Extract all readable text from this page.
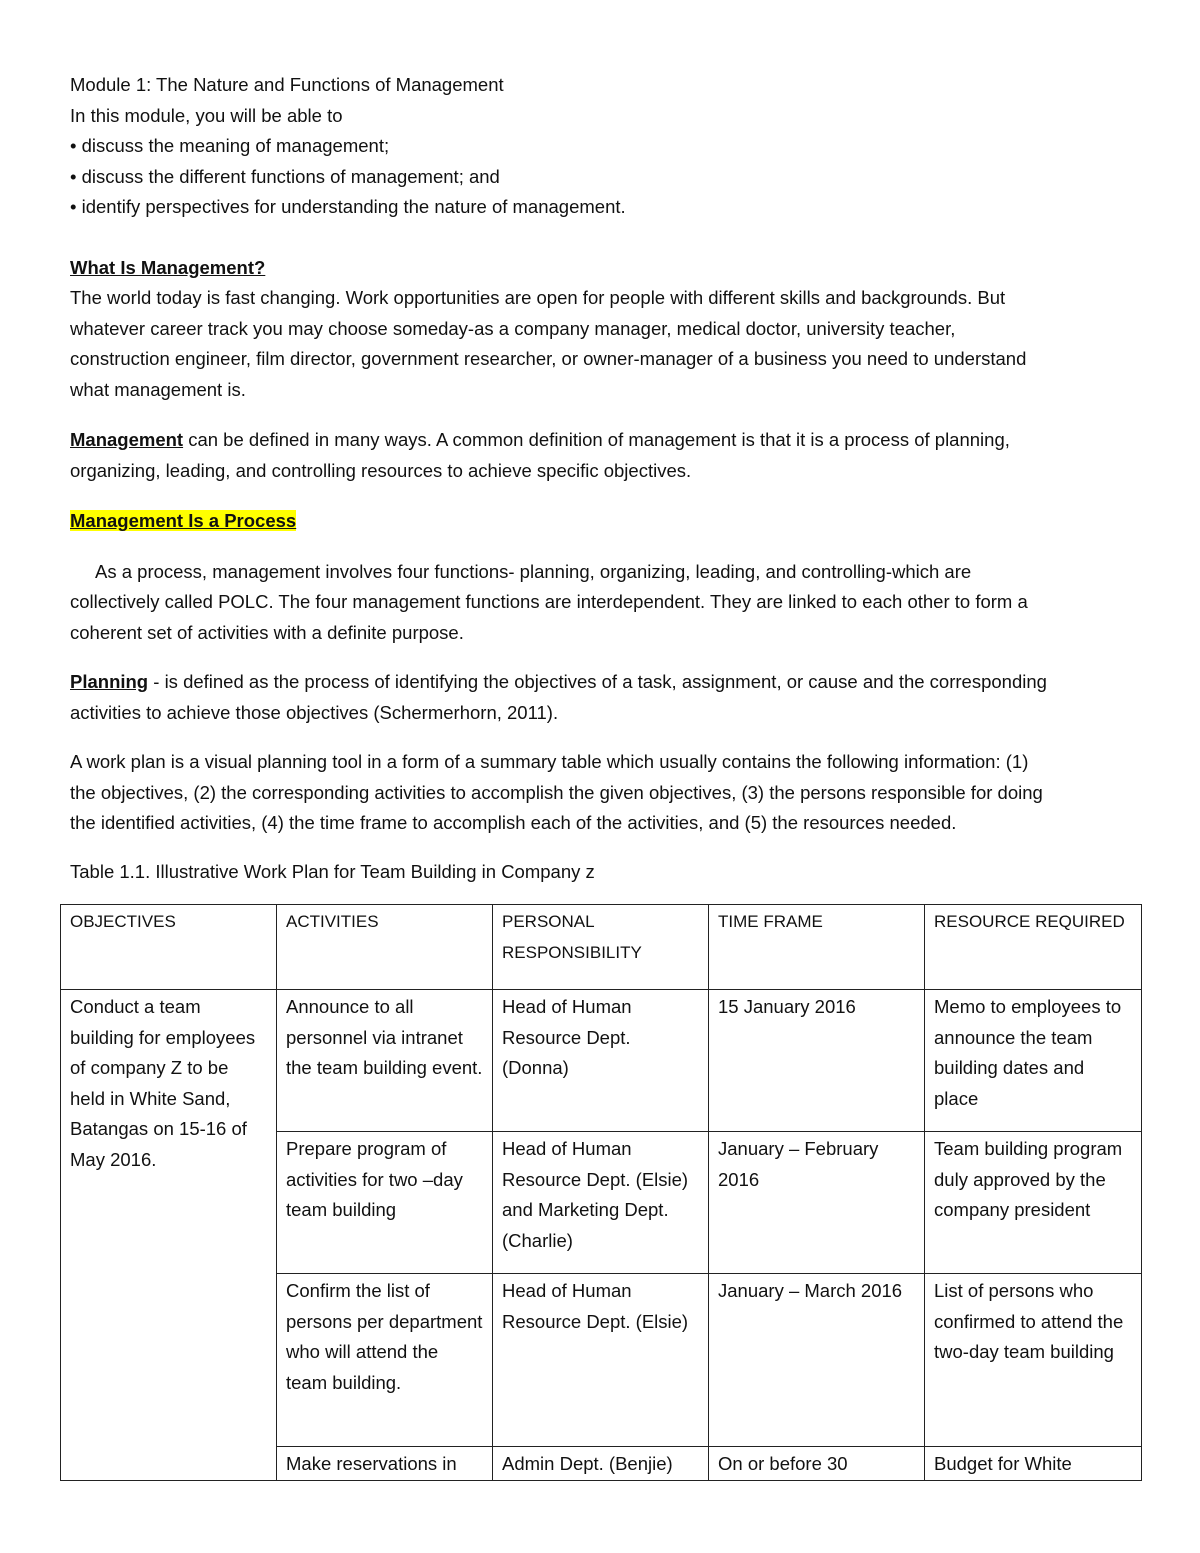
Module 1: The Nature and Functions of Management
In this module, you will be able to
• discuss the meaning of management;
• discuss the different functions of management; and
• identify perspectives for understanding the nature of management.
What Is Management?
The world today is fast changing. Work opportunities are open for people with different skills and backgrounds. But
whatever career track you may choose someday-as a company manager, medical doctor, university teacher,
construction engineer, film director, government researcher, or owner-manager of a business you need to understand
what management is.
Management can be defined in many ways. A common definition of management is that it is a process of planning,
organizing, leading, and controlling resources to achieve specific objectives.
Management Is a Process
As a process, management involves four functions- planning, organizing, leading, and controlling-which are
collectively called POLC. The four management functions are interdependent. They are linked to each other to form a
coherent set of activities with a definite purpose.
Planning - is defined as the process of identifying the objectives of a task, assignment, or cause and the corresponding
activities to achieve those objectives (Schermerhorn, 2011).
A work plan is a visual planning tool in a form of a summary table which usually contains the following information: (1)
the objectives, (2) the corresponding activities to accomplish the given objectives, (3) the persons responsible for doing
the identified activities, (4) the time frame to accomplish each of the activities, and (5) the resources needed.
Table 1.1. Illustrative Work Plan for Team Building in Company z
OBJECTIVES	ACTIVITIES	PERSONAL RESPONSIBILITY	TIME FRAME	RESOURCE REQUIRED
Conduct a team building for employees of company Z to be held in White Sand, Batangas on 15-16 of May 2016.	Announce to all personnel via intranet the team building event.	Head of Human Resource Dept. (Donna)	15 January 2016	Memo to employees to announce the team building dates and place
	Prepare program of activities for two –day team building	Head of Human Resource Dept. (Elsie) and Marketing Dept. (Charlie)	January – February 2016	Team building program duly approved by the company president
	Confirm the list of persons per department who will attend the team building.	Head of Human Resource Dept. (Elsie)	January – March 2016	List of persons who confirmed to attend the two-day team building
	Make reservations in	Admin Dept. (Benjie)	On or before 30	Budget for White
